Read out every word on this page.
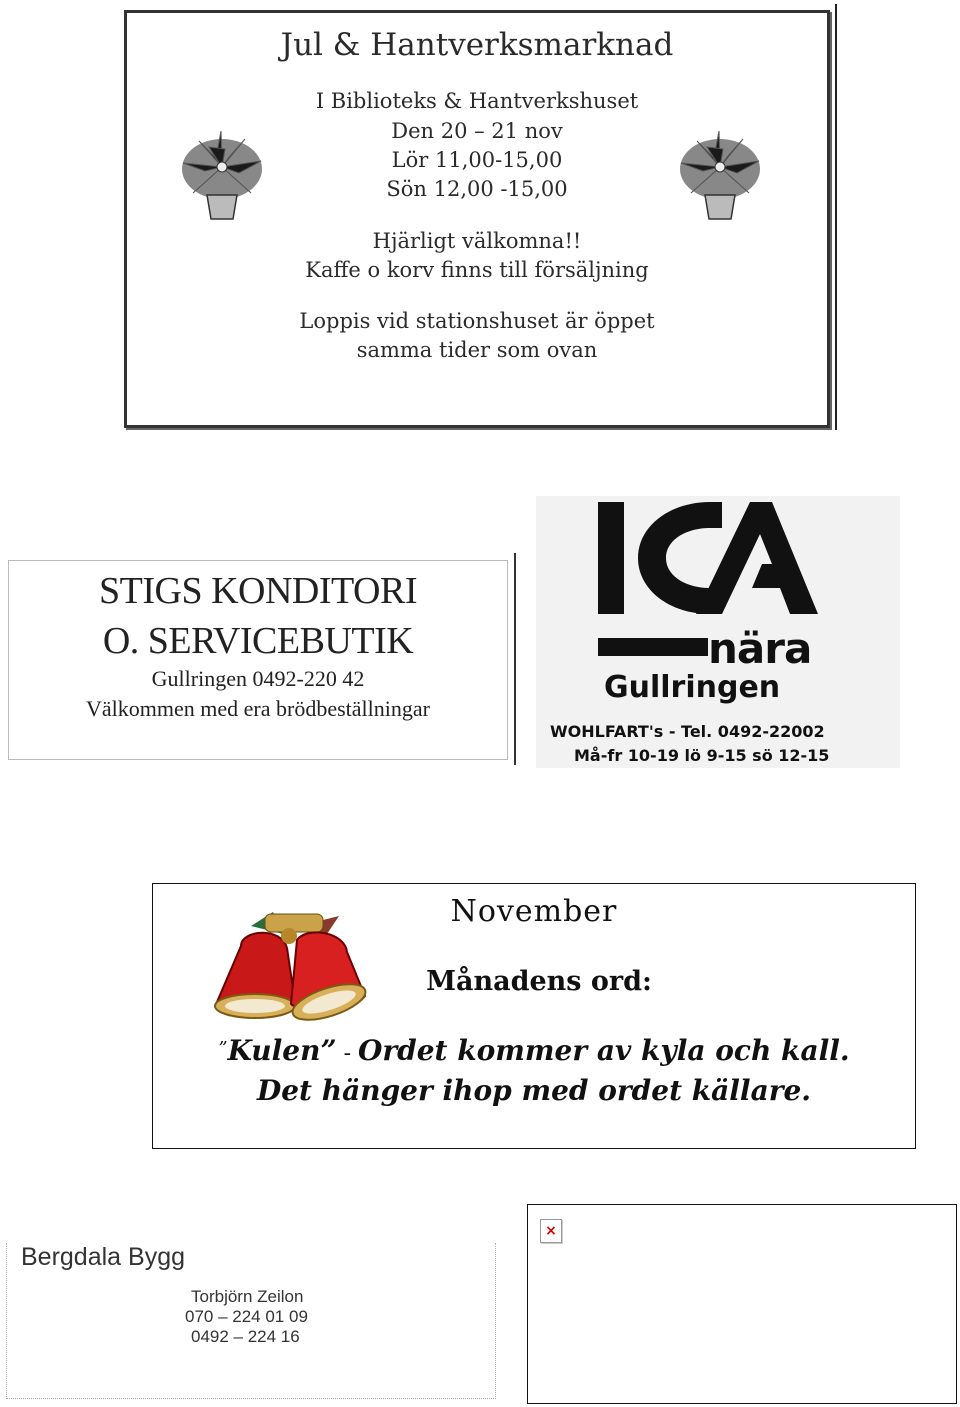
Jul & Hantverksmarknad
I Biblioteks & Hantverkshuset
Den 20 – 21 nov
Lör 11,00-15,00
Sön 12,00 -15,00
Hjärligt välkomna!!
Kaffe o korv finns till försäljning
Loppis vid stationshuset är öppet
samma tider som ovan
STIGS KONDITORI
O. SERVICEBUTIK
Gullringen 0492-220 42
Välkommen med era brödbeställningar
nära
Gullringen
WOHLFART's - Tel. 0492-22002
Må-fr 10-19 lö 9-15 sö 12-15
November
Månadens ord:
”Kulen” - Ordet kommer av kyla och kall.
Det hänger ihop med ordet källare.
Bergdala Bygg
Torbjörn Zeilon
070 – 224 01 09
0492 – 224 16
×
